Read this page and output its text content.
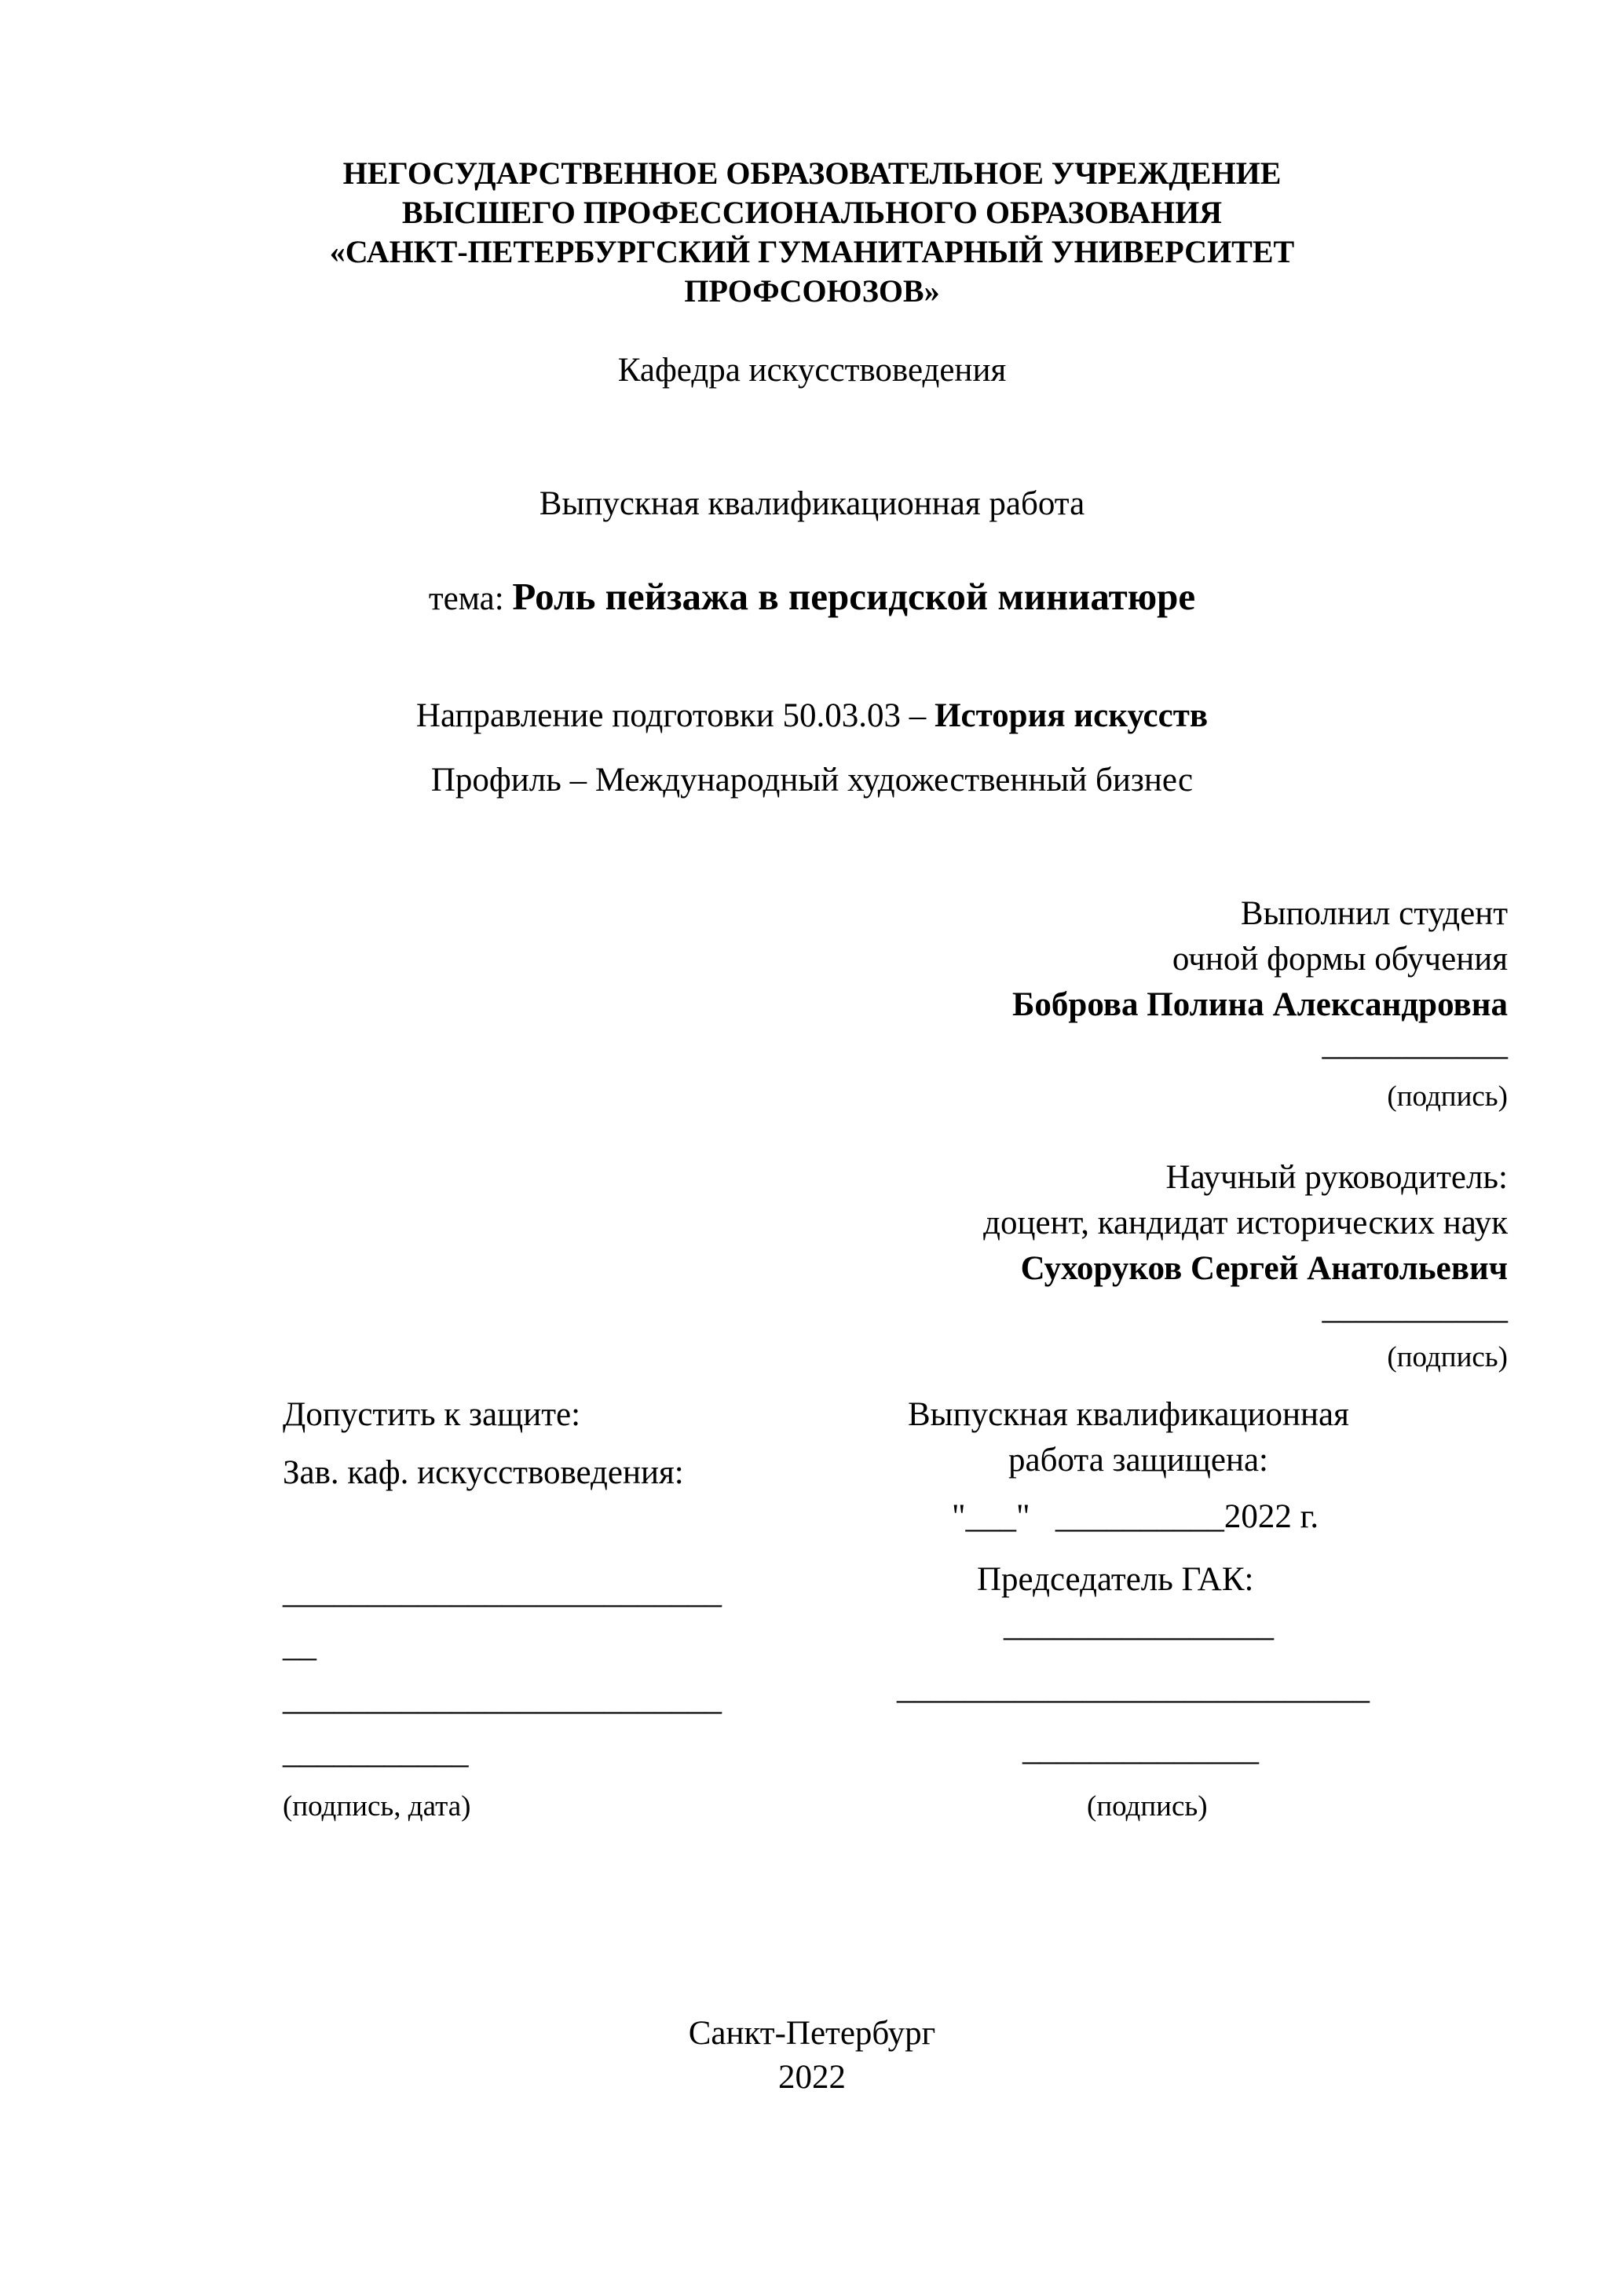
НЕГОСУДАРСТВЕННОЕ ОБРАЗОВАТЕЛЬНОЕ УЧРЕЖДЕНИЕ
ВЫСШЕГО ПРОФЕССИОНАЛЬНОГО ОБРАЗОВАНИЯ
«САНКТ-ПЕТЕРБУРГСКИЙ ГУМАНИТАРНЫЙ УНИВЕРСИТЕТ
ПРОФСОЮЗОВ»
Кафедра искусствоведения
Выпускная квалификационная работа
тема: Роль пейзажа в персидской миниатюре
Направление подготовки 50.03.03 – История искусств
Профиль – Международный художественный бизнес
Выполнил студент
очной формы обучения
Боброва Полина Александровна
___________
(подпись)
Научный руководитель:
доцент, кандидат исторических наук
Сухоруков Сергей Анатольевич
___________
(подпись)
Допустить к защите:
Зав. каф. искусствоведения:
__________________________
__
__________________________
___________
(подпись, дата)
Выпускная квалификационная
работа защищена:
"___"   __________2022 г.
Председатель ГАК:
________________
____________________________
______________
(подпись)
Санкт-Петербург
2022
